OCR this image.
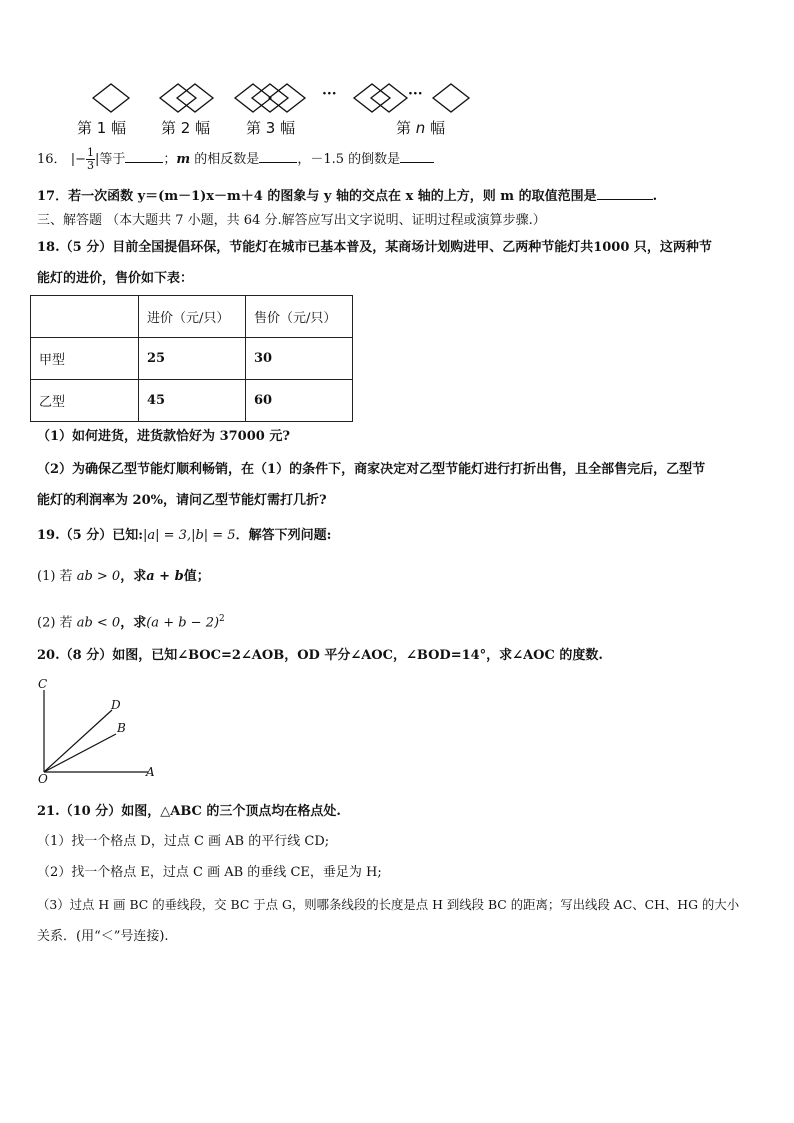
···	···
第 1 幅 第 2 幅 第 3 幅	第 n 幅
16． |− $\frac{1}{3}$ |等于	；m 的相反数是	，－1.5 的倒数是
17．若一次函数 y＝(m－1)x－m＋4 的图象与 y 轴的交点在 x 轴的上方，则 m 的取值范围是	.
三、解答题 （本大题共 7 小题，共 64 分.解答应写出文字说明、证明过程或演算步骤.）
18.（5 分）目前全国提倡环保，节能灯在城市已基本普及，某商场计划购进甲、乙两种节能灯共1000 只，这两种节
能灯的进价，售价如下表：
	进价（元/只）	售价（元/只）
甲型	25	30
乙型	45	60
（1）如何进货，进货款恰好为 37000 元?
（2）为确保乙型节能灯顺利畅销，在（1）的条件下，商家决定对乙型节能灯进行打折出售，且全部售完后，乙型节
能灯的利润率为 20%，请问乙型节能灯需打几折?
19.（5 分）已知:|a| = 3,|b| = 5．解答下列问题:
(1) 若 ab > 0，求a + b值；
(2) 若 ab < 0，求$(a + b - 2)^2$
20.（8 分）如图，已知∠BOC=2∠AOB，OD 平分∠AOC，∠BOD=14°，求∠AOC 的度数.
C
D
B
O	A
21.（10 分）如图，△ABC 的三个顶点均在格点处.
（1）找一个格点 D，过点 C 画 AB 的平行线 CD;
（2）找一个格点 E，过点 C 画 AB 的垂线 CE，垂足为 H;
（3）过点 H 画 BC 的垂线段，交 BC 于点 G，则哪条线段的长度是点 H 到线段 BC 的距离；写出线段 AC、CH、HG 的大小
关系．(用“＜”号连接).
